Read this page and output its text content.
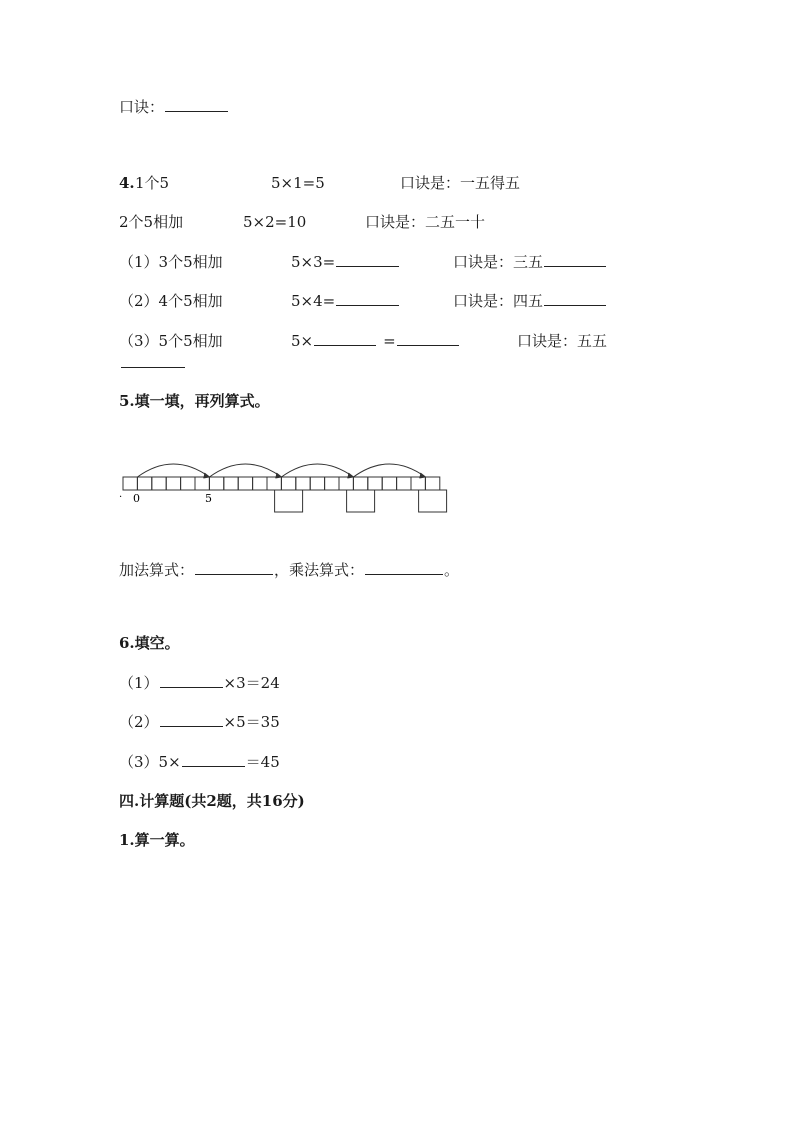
口诀：
4. 1个5	5×1=5	口诀是：一五得五
2个5相加	5×2=10	口诀是：二五一十
（1）3个5相加	5×3=	口诀是：三五
（2）4个5相加	5×4=	口诀是：四五
（3）5个5相加	5×	=	口诀是：五五
5.填一填，再列算式。
0	5
.
加法算式：	，乘法算式：	。
6.填空。
（1）	×3＝24
（2）	×5＝35
（3）5×	＝45
四.计算题(共2题，共16分)
1.算一算。
